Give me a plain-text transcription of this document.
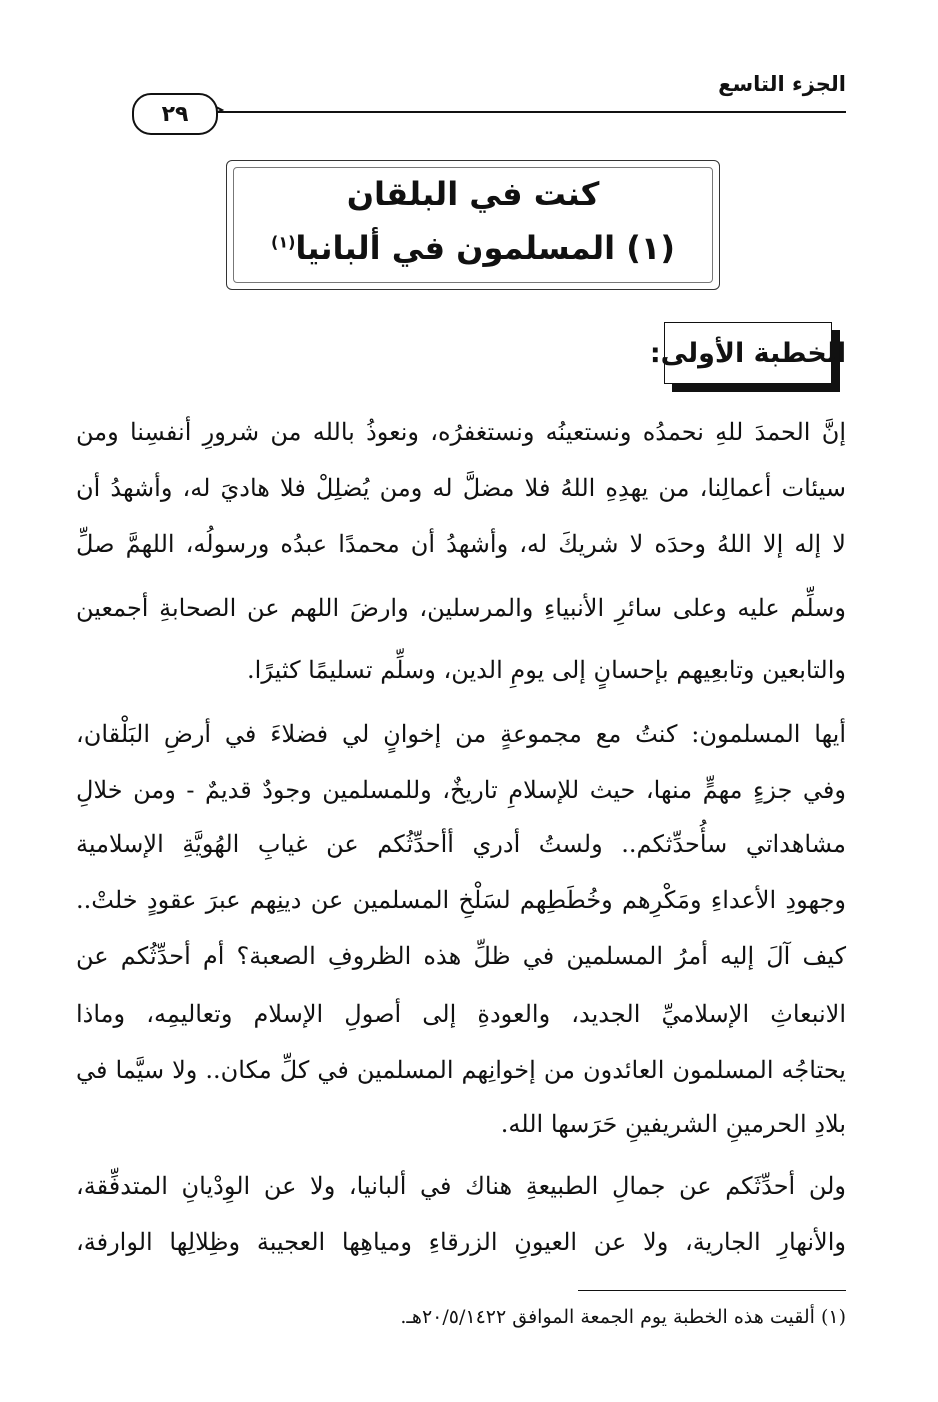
الجزء التاسع
٢٩
كنت في البلقان
(١) المسلمون في ألبانيا$^{(١)}$
الخطبة الأولى:
إنَّ الحمدَ للهِ نحمدُه ونستعينُه ونستغفرُه، ونعوذُ بالله من شرورِ أنفسِنا ومن
سيئات أعمالِنا، من يهدِهِ اللهُ فلا مضلَّ له ومن يُضلِلْ فلا هاديَ له، وأشهدُ أن
لا إله إلا اللهُ وحدَه لا شريكَ له، وأشهدُ أن محمدًا عبدُه ورسولُه، اللهمَّ صلِّ
وسلِّم عليه وعلى سائرِ الأنبياءِ والمرسلين، وارضَ اللهم عن الصحابةِ أجمعين
والتابعين وتابعِيهم بإحسانٍ إلى يومِ الدين، وسلِّم تسليمًا كثيرًا.
أيها المسلمون: كنتُ مع مجموعةٍ من إخوانٍ لي فضلاءَ في أرضِ البَلْقان،
وفي جزءٍ مهمٍّ منها، حيث للإسلامِ تاريخٌ، وللمسلمين وجودٌ قديمٌ - ومن خلالِ
مشاهداتي سأُحدِّثكم.. ولستُ أدري أأحدِّثُكم عن غيابِ الهُويَّةِ الإسلامية
وجهودِ الأعداءِ ومَكْرِهم وخُطَطِهم لسَلْخِ المسلمين عن دينِهم عبرَ عقودٍ خلتْ..
كيف آلَ إليه أمرُ المسلمين في ظلِّ هذه الظروفِ الصعبة؟ أم أحدِّثُكم عن
الانبعاثِ الإسلاميِّ الجديد، والعودةِ إلى أصولِ الإسلام وتعاليمِه، وماذا
يحتاجُه المسلمون العائدون من إخوانِهم المسلمين في كلِّ مكان.. ولا سيَّما في
بلادِ الحرمينِ الشريفينِ حَرَسها الله.
ولن أحدِّثَكم عن جمالِ الطبيعةِ هناك في ألبانيا، ولا عن الوِدْيانِ المتدفِّقة،
والأنهارِ الجارية، ولا عن العيونِ الزرقاءِ ومياهِها العجيبة وظِلالِها الوارفة،
(١) ألقيت هذه الخطبة يوم الجمعة الموافق ٢٠/٥/١٤٢٢هـ.
